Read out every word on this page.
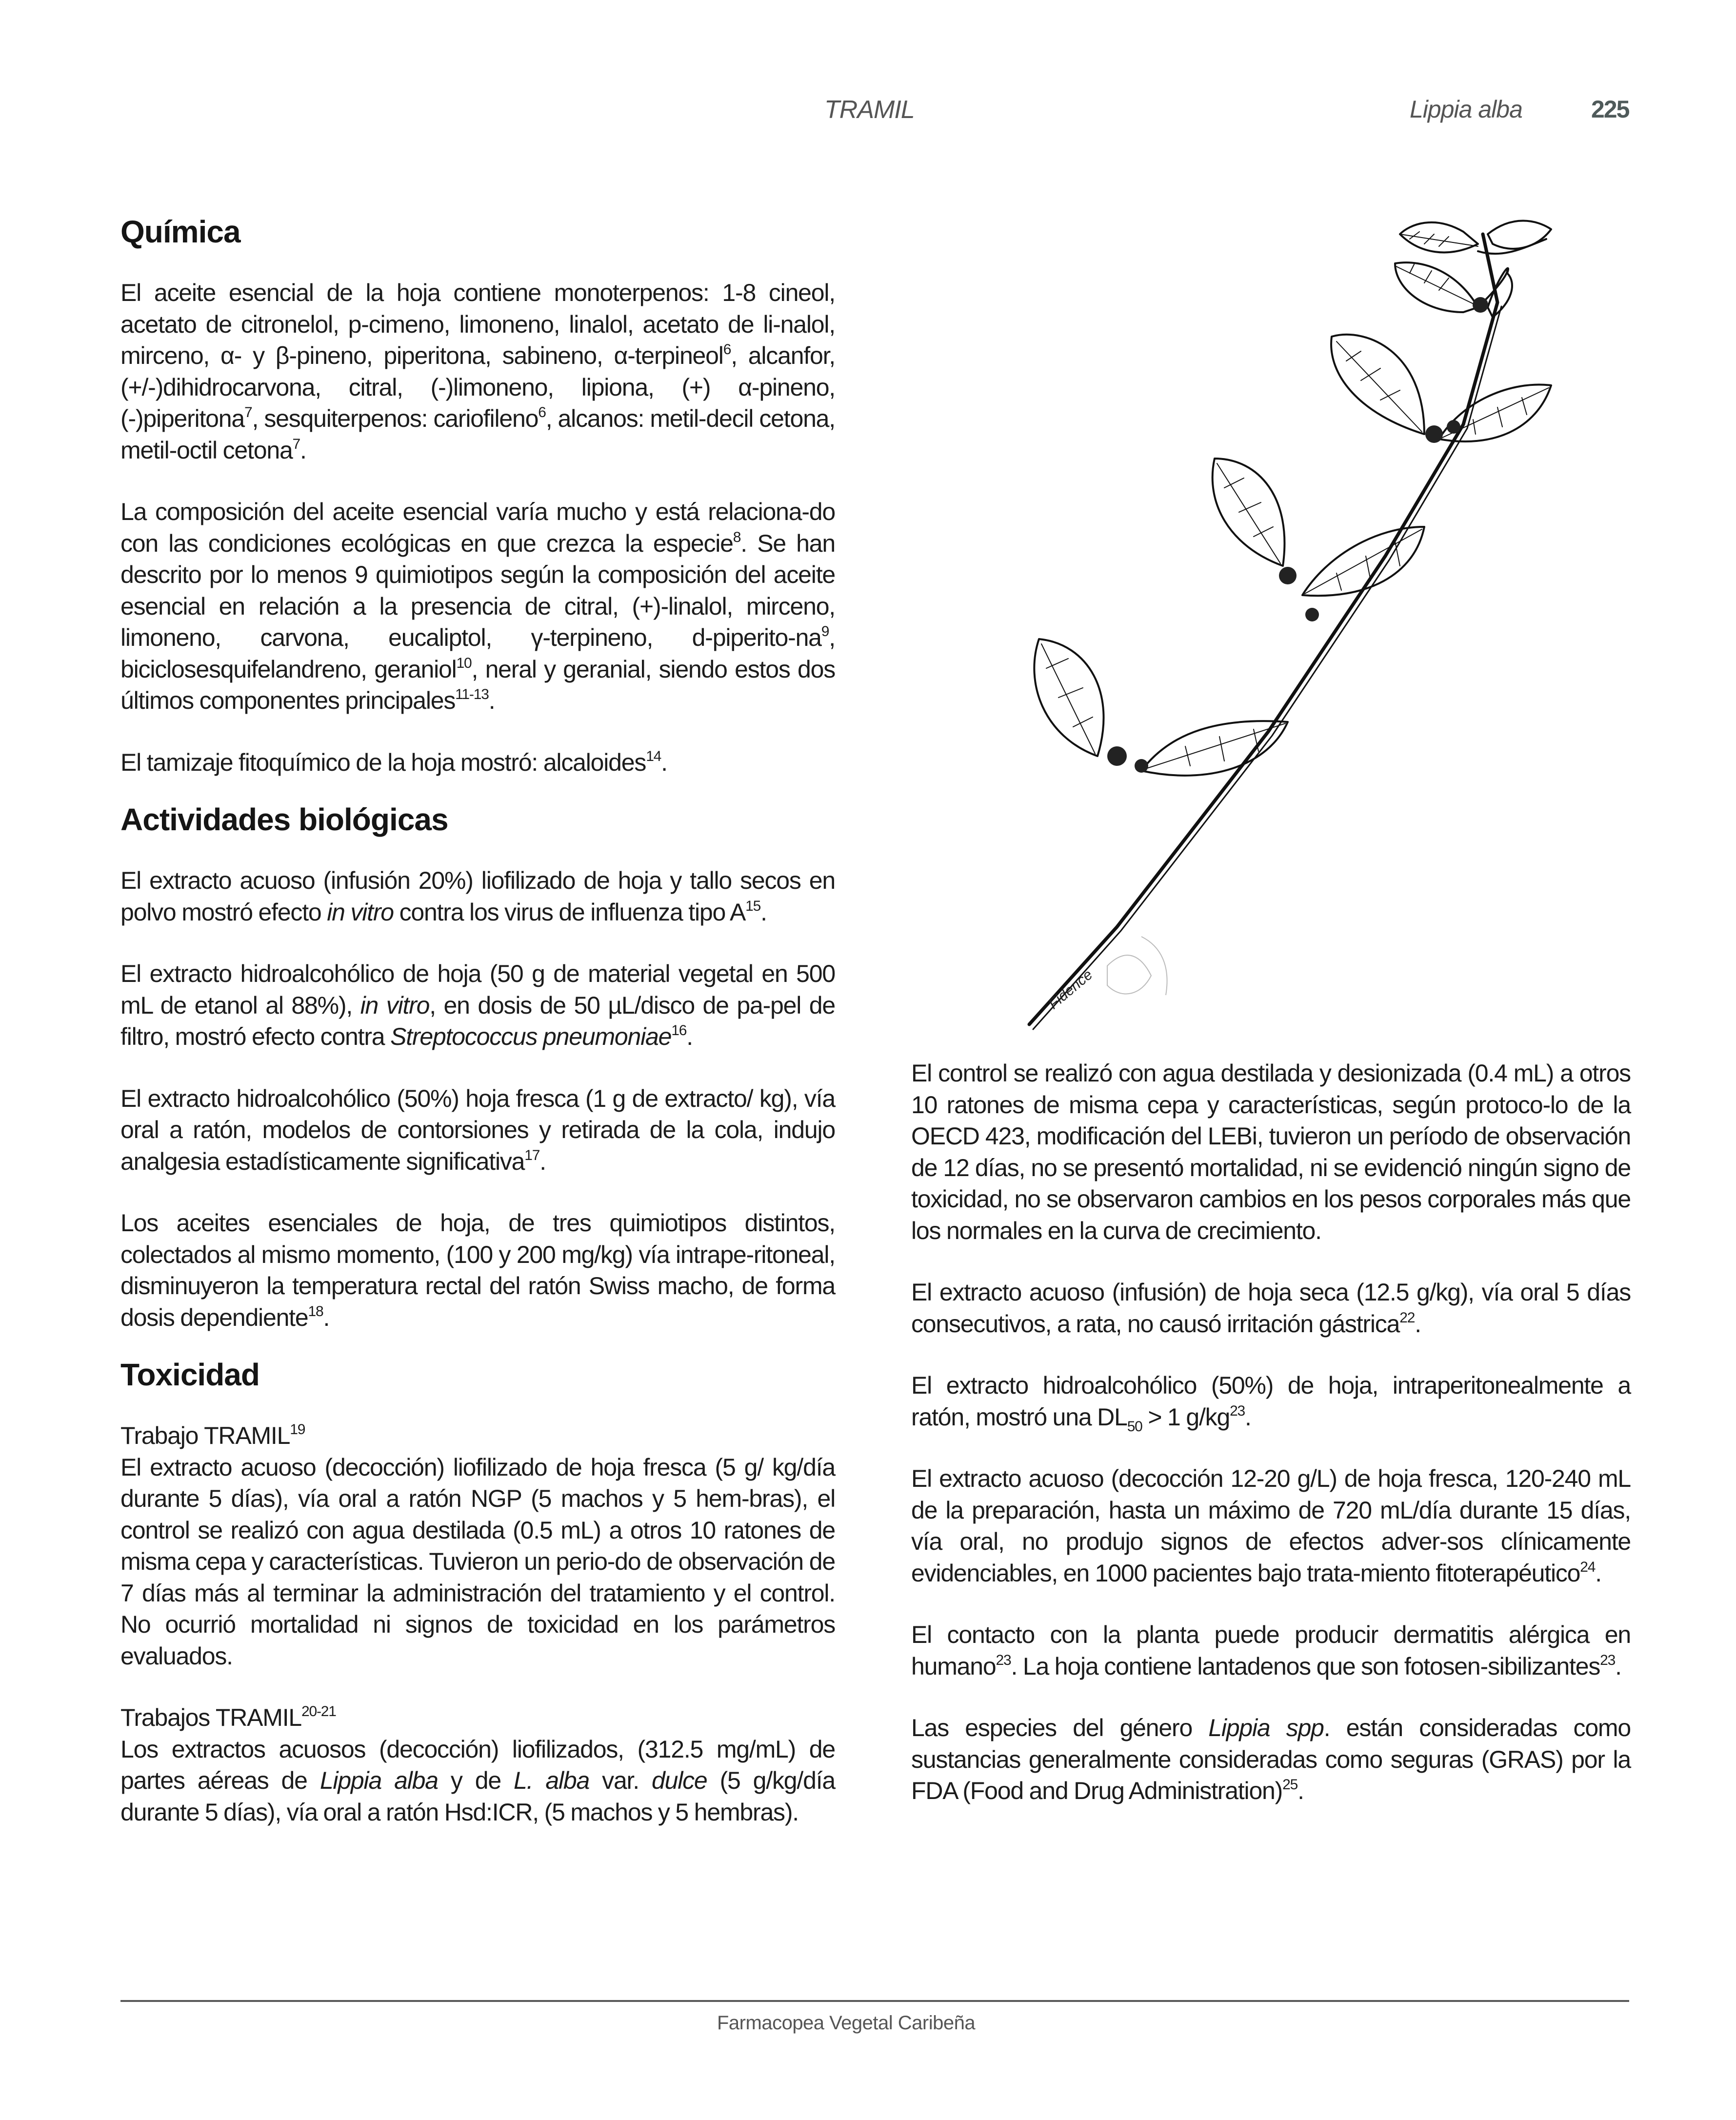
TRAMIL	Lippia alba	225
Química

El aceite esencial de la hoja contiene monoterpenos: 1-8 cineol, acetato de citronelol, p-cimeno, limoneno, linalol, acetato de li-nalol, mirceno, α- y β-pineno, piperitona, sabineno, α-terpineol$^6$, alcanfor, (+/-)dihidrocarvona, citral, (-)limoneno, lipiona, (+) α-pineno, (-)piperitona$^7$, sesquiterpenos: cariofileno$^6$, alcanos: metil-decil cetona, metil-octil cetona$^7$.

La composición del aceite esencial varía mucho y está relaciona-do con las condiciones ecológicas en que crezca la especie$^8$. Se han descrito por lo menos 9 quimiotipos según la composición del aceite esencial en relación a la presencia de citral, (+)-linalol, mirceno, limoneno, carvona, eucaliptol, γ-terpineno, $d-piperito-na^9$, biciclosesquifelandreno, geraniol$^{10}$, neral y geranial, siendo estos dos últimos componentes principales$^{11-13}$.

El tamizaje fitoquímico de la hoja mostró: alcaloides$^{14}$.

Actividades biológicas

El extracto acuoso (infusión 20%) liofilizado de hoja y tallo secos en polvo mostró efecto in vitro contra los virus de influenza tipo $A^{15}$.

El extracto hidroalcohólico de hoja (50 g de material vegetal en 500 mL de etanol al 88%), in vitro, en dosis de 50 µL/disco de pa-pel de filtro, mostró efecto contra Streptococcus pneumoniae$^{16}$.

El extracto hidroalcohólico (50%) hoja fresca (1 g de extracto/ kg), vía oral a ratón, modelos de contorsiones y retirada de la cola, indujo analgesia estadísticamente significativa$^{17}$.

Los aceites esenciales de hoja, de tres quimiotipos distintos, colectados al mismo momento, (100 y 200 mg/kg) vía intrape-ritoneal, disminuyeron la temperatura rectal del ratón Swiss macho, de forma dosis dependiente$^{18}$.

Toxicidad
Trabajo TRAMIL$^{19}$

El extracto acuoso (decocción) liofilizado de hoja fresca (5 g/ kg/día durante 5 días), vía oral a ratón NGP (5 machos y 5 hem-bras), el control se realizó con agua destilada (0.5 mL) a otros 10 ratones de misma cepa y características. Tuvieron un perio-do de observación de 7 días más al terminar la administración del tratamiento y el control. No ocurrió mortalidad ni signos de toxicidad en los parámetros evaluados.

Trabajos TRAMIL$^{20-21}$

Los extractos acuosos (decocción) liofilizados, (312.5 mg/mL) de partes aéreas de Lippia alba y de L. alba var. dulce (5 g/kg/día durante 5 días), vía oral a ratón Hsd:ICR, (5 machos y 5 hembras).

Fidence

El control se realizó con agua destilada y desionizada (0.4 mL) a otros 10 ratones de misma cepa y características, según protoco-lo de la OECD 423, modificación del LEBi, tuvieron un período de observación de 12 días, no se presentó mortalidad, ni se evidenció ningún signo de toxicidad, no se observaron cambios en los pesos corporales más que los normales en la curva de crecimiento.

El extracto acuoso (infusión) de hoja seca (12.5 g/kg), vía oral 5 días consecutivos, a rata, no causó irritación gástrica$^{22}$.

El extracto hidroalcohólico (50%) de hoja, intraperitonealmente a ratón, mostró una $DL_{50} > 1$ $g/kg^{23}$.

El extracto acuoso (decocción 12-20 g/L) de hoja fresca, 120-240 mL de la preparación, hasta un máximo de 720 mL/día durante 15 días, vía oral, no produjo signos de efectos adver-sos clínicamente evidenciables, en 1000 pacientes bajo trata-miento fitoterapéutico$^{24}$.

El contacto con la planta puede producir dermatitis alérgica en humano$^{23}$. La hoja contiene lantadenos que son fotosen-sibilizantes$^{23}$.

Las especies del género Lippia spp. están consideradas como sustancias generalmente consideradas como seguras (GRAS) por la FDA (Food and Drug Administration)$^{25}$.

Farmacopea Vegetal Caribeña
